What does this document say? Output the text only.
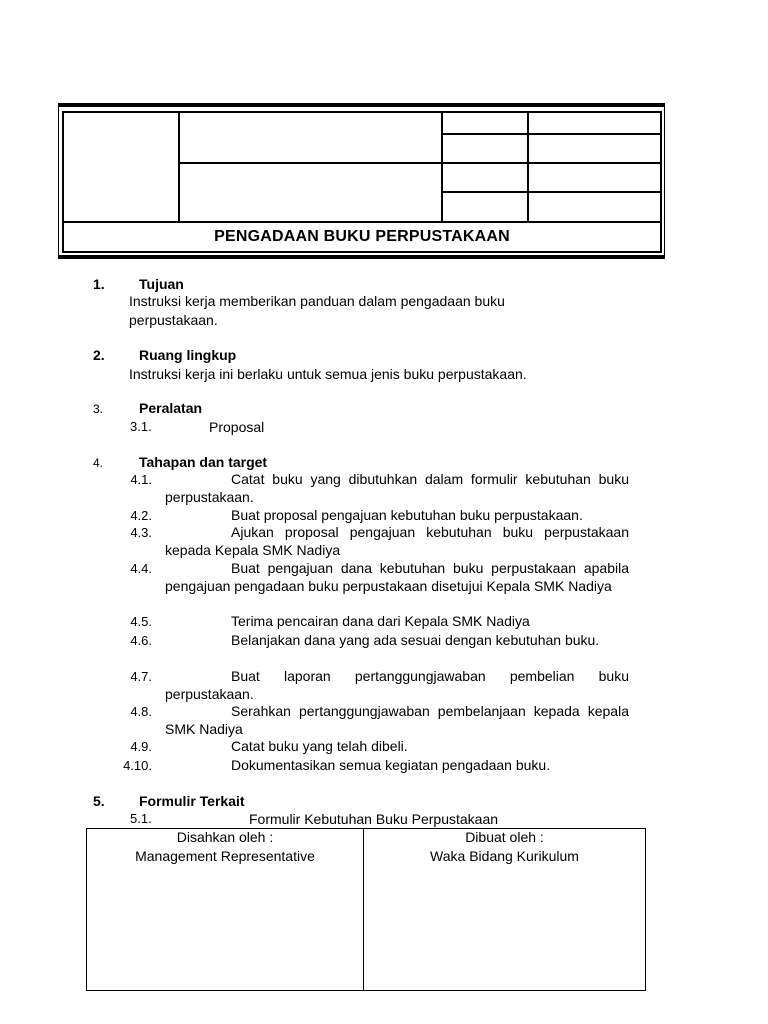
PENGADAAN BUKU PERPUSTAKAAN
1. Tujuan
Instruksi kerja memberikan panduan dalam pengadaan buku
perpustakaan.
2. Ruang lingkup
Instruksi kerja ini berlaku untuk semua jenis buku perpustakaan.
3.	Peralatan
3.1.	Proposal
4.	Tahapan dan target
4.1.	Catat buku yang dibutuhkan dalam formulir kebutuhan buku perpustakaan.
4.2.	Buat proposal pengajuan kebutuhan buku perpustakaan.
4.3.	Ajukan proposal pengajuan kebutuhan buku perpustakaan kepada Kepala SMK Nadiya
4.4.	Buat pengajuan dana kebutuhan buku perpustakaan apabila pengajuan pengadaan buku perpustakaan disetujui Kepala SMK Nadiya
4.5.	Terima pencairan dana dari Kepala SMK Nadiya
4.6.	Belanjakan dana yang ada sesuai dengan kebutuhan buku.
4.7.	Buat laporan pertanggungjawaban pembelian buku perpustakaan.
4.8.	Serahkan pertanggungjawaban pembelanjaan kepada kepala SMK Nadiya
4.9.	Catat buku yang telah dibeli.
4.10.	Dokumentasikan semua kegiatan pengadaan buku.
5. Formulir Terkait
5.1.	Formulir Kebutuhan Buku Perpustakaan
Disahkan oleh :
Management Representative
Dibuat oleh :
Waka Bidang Kurikulum
